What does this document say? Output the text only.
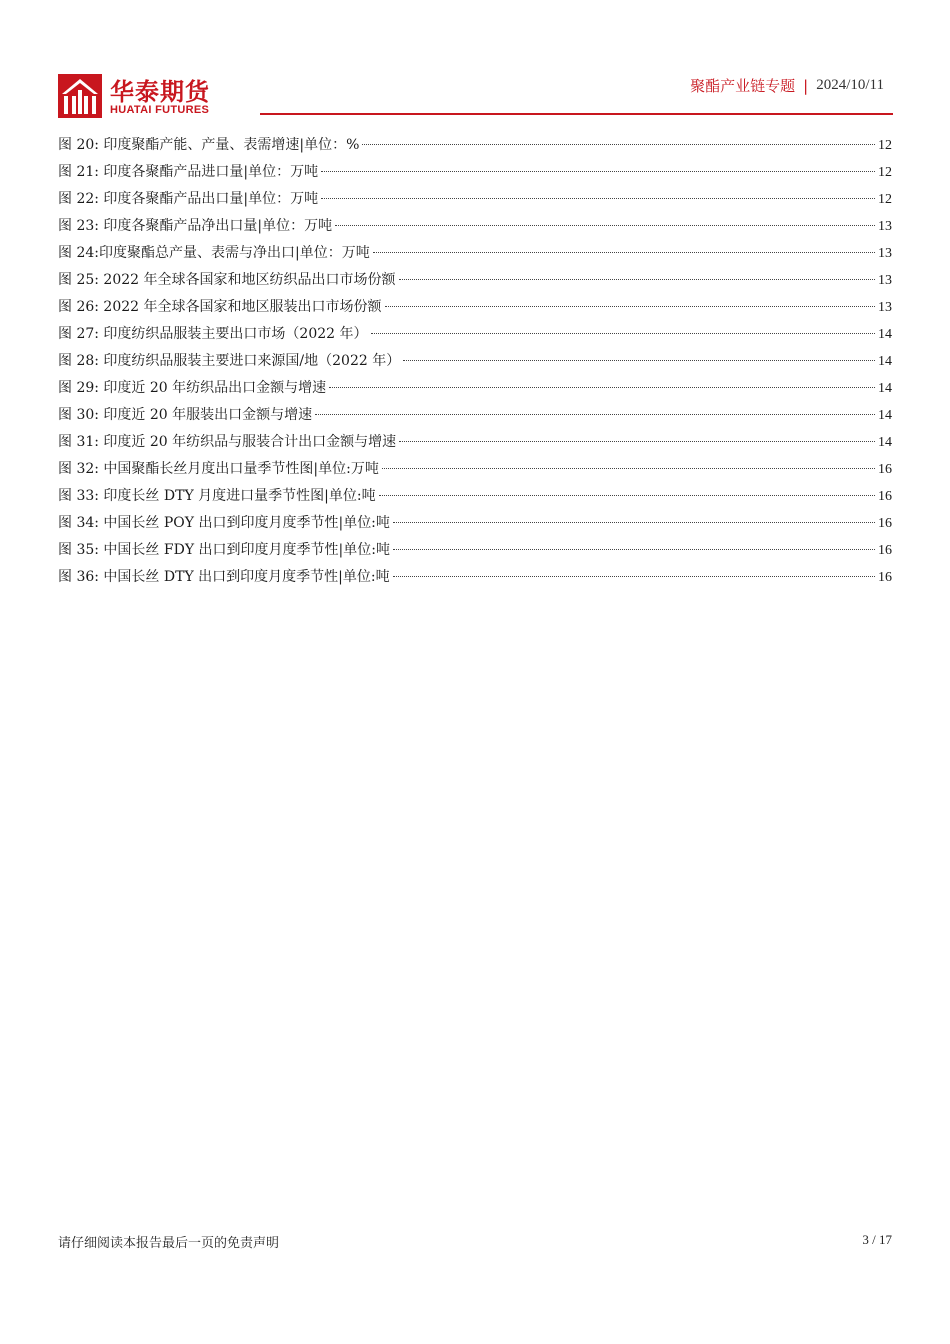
华泰期货
HUATAI FUTURES
聚酯产业链专题 | 2024/10/11
图 20: 印度聚酯产能、产量、表需增速|单位：%	12
图 21: 印度各聚酯产品进口量|单位：万吨	12
图 22: 印度各聚酯产品出口量|单位：万吨	12
图 23: 印度各聚酯产品净出口量|单位：万吨	13
图 24:印度聚酯总产量、表需与净出口|单位：万吨	13
图 25: 2022 年全球各国家和地区纺织品出口市场份额	13
图 26: 2022 年全球各国家和地区服装出口市场份额	13
图 27: 印度纺织品服装主要出口市场（2022 年）	14
图 28: 印度纺织品服装主要进口来源国/地（2022 年）	14
图 29: 印度近 20 年纺织品出口金额与增速	14
图 30: 印度近 20 年服装出口金额与增速	14
图 31: 印度近 20 年纺织品与服装合计出口金额与增速	14
图 32: 中国聚酯长丝月度出口量季节性图|单位:万吨	16
图 33: 印度长丝 DTY 月度进口量季节性图|单位:吨	16
图 34: 中国长丝 POY 出口到印度月度季节性|单位:吨	16
图 35: 中国长丝 FDY 出口到印度月度季节性|单位:吨	16
图 36: 中国长丝 DTY 出口到印度月度季节性|单位:吨	16
请仔细阅读本报告最后一页的免责声明	3 / 17
